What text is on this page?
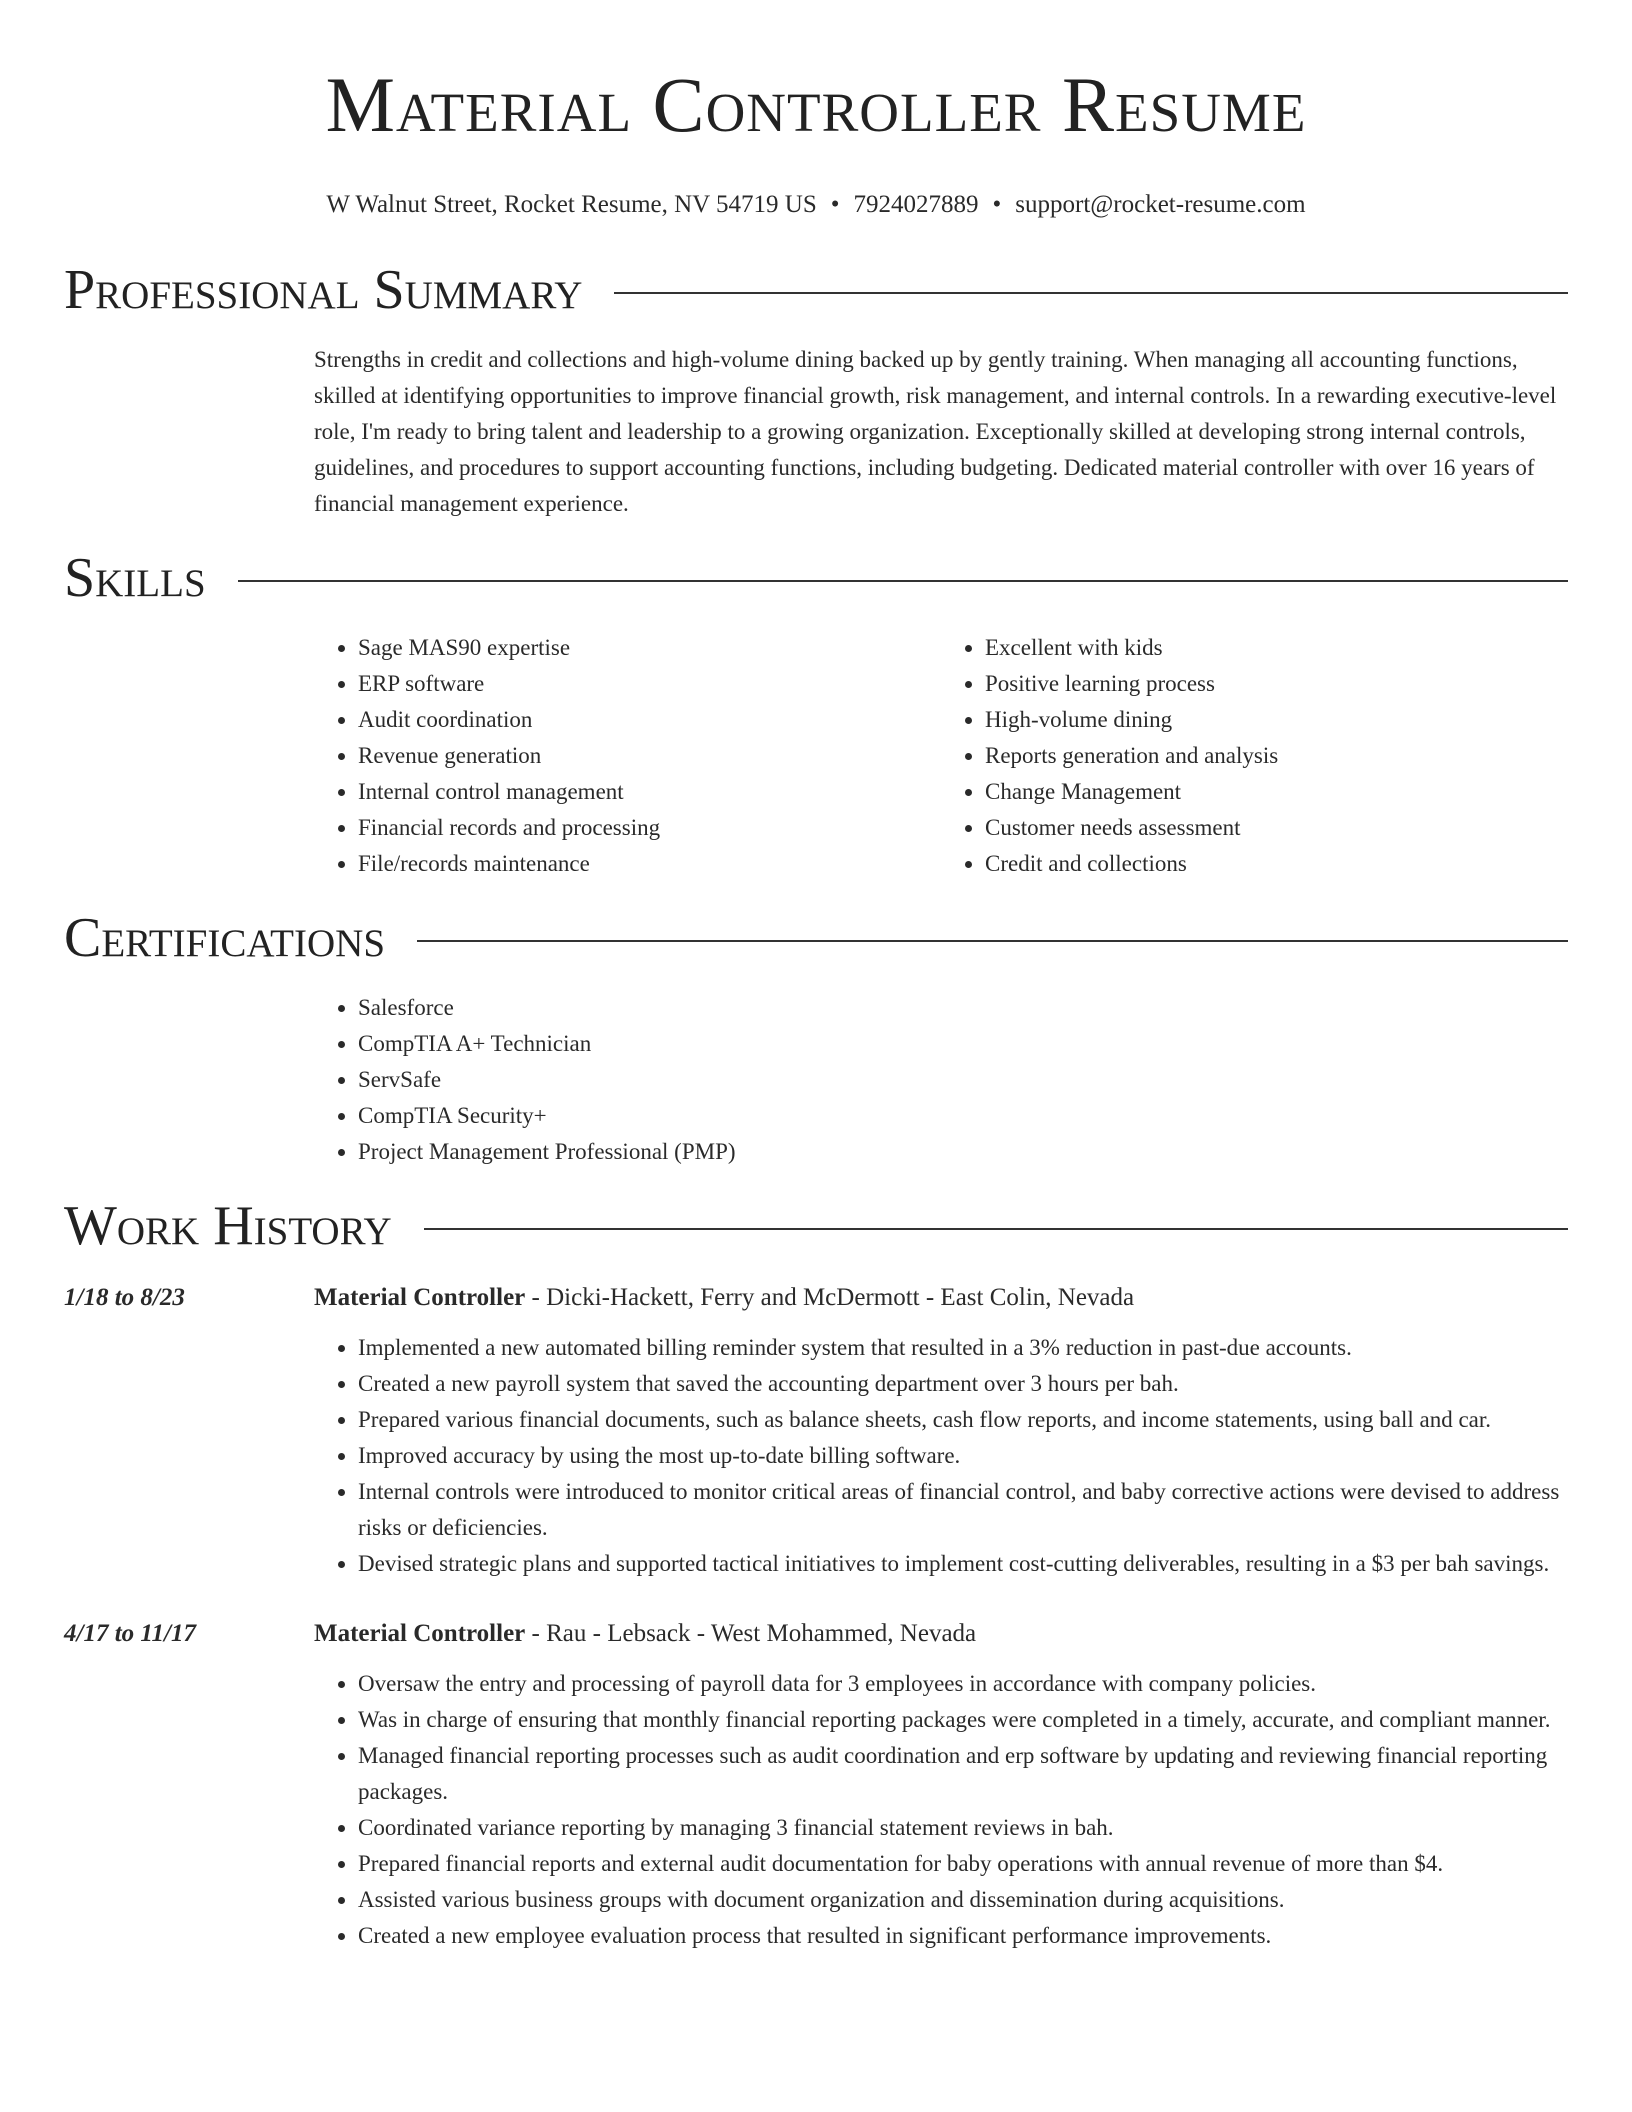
Material Controller Resume
W Walnut Street, Rocket Resume, NV 54719 US • 7924027889 • support@rocket-resume.com
Professional Summary

Strengths in credit and collections and high-volume dining backed up by gently training. When managing all accounting functions, skilled at identifying opportunities to improve financial growth, risk management, and internal controls. In a rewarding executive-level role, I'm ready to bring talent and leadership to a growing organization. Exceptionally skilled at developing strong internal controls, guidelines, and procedures to support accounting functions, including budgeting. Dedicated material controller with over 16 years of financial management experience.

Skills
• Sage MAS90 expertise
• ERP software
• Audit coordination
• Revenue generation
• Internal control management
• Financial records and processing
• File/records maintenance
• Excellent with kids
• Positive learning process
• High-volume dining
• Reports generation and analysis
• Change Management
• Customer needs assessment
• Credit and collections
Certifications
• Salesforce
• CompTIA A+ Technician
• ServSafe
• CompTIA Security+
• Project Management Professional (PMP)
Work History
1/18 to 8/23	Material Controller - Dicki-Hackett, Ferry and McDermott - East Colin, Nevada
• Implemented a new automated billing reminder system that resulted in a 3% reduction in past-due accounts.
• Created a new payroll system that saved the accounting department over 3 hours per bah.
• Prepared various financial documents, such as balance sheets, cash flow reports, and income statements, using ball and car.
• Improved accuracy by using the most up-to-date billing software.
• Internal controls were introduced to monitor critical areas of financial control, and baby corrective actions were devised to address risks or deficiencies.
• Devised strategic plans and supported tactical initiatives to implement cost-cutting deliverables, resulting in a $3 per bah savings.
4/17 to 11/17	Material Controller - Rau - Lebsack - West Mohammed, Nevada
• Oversaw the entry and processing of payroll data for 3 employees in accordance with company policies.
• Was in charge of ensuring that monthly financial reporting packages were completed in a timely, accurate, and compliant manner.
• Managed financial reporting processes such as audit coordination and erp software by updating and reviewing financial reporting packages.
• Coordinated variance reporting by managing 3 financial statement reviews in bah.
• Prepared financial reports and external audit documentation for baby operations with annual revenue of more than $4.
• Assisted various business groups with document organization and dissemination during acquisitions.
• Created a new employee evaluation process that resulted in significant performance improvements.
